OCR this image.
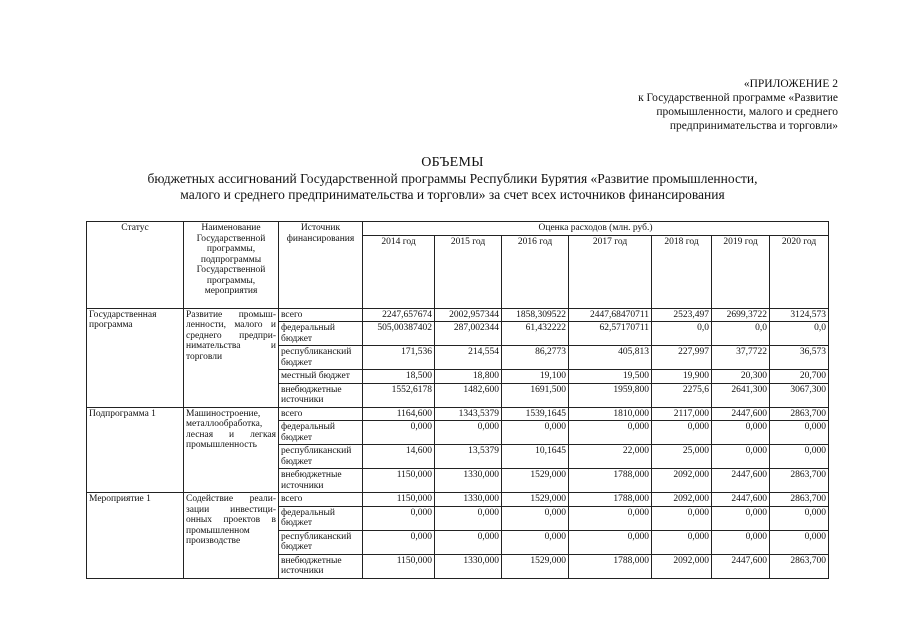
«ПРИЛОЖЕНИЕ 2
к Государственной программе «Развитие
промышленности, малого и среднего
предпринимательства и торговли»
ОБЪЕМЫ
бюджетных ассигнований Государственной программы Республики Бурятия «Развитие промышленности,
малого и среднего предпринимательства и торговли» за счет всех источников финансирования
Статус	Наименование Государственной программы, подпрограммы Государственной программы, мероприятия	Источник финансирования	Оценка расходов (млн. руб.)						
			2014 год	2015 год	2016 год	2017 год	2018 год	2019 год	2020 год
Государственная программа	Развитие промыш-ленности, малого и среднего предпри-нимательства и торговли	всего	2247,657674	2002,957344	1858,309522	2447,68470711	2523,497	2699,3722	3124,573
		федеральный бюджет	505,00387402	287,002344	61,432222	62,57170711	0,0	0,0	0,0
		республиканский бюджет	171,536	214,554	86,2773	405,813	227,997	37,7722	36,573
		местный бюджет	18,500	18,800	19,100	19,500	19,900	20,300	20,700
		внебюджетные источники	1552,6178	1482,600	1691,500	1959,800	2275,6	2641,300	3067,300
Подпрограмма 1	Машиностроение, металлообработка, лесная и легкая промышленность	всего	1164,600	1343,5379	1539,1645	1810,000	2117,000	2447,600	2863,700
		федеральный бюджет	0,000	0,000	0,000	0,000	0,000	0,000	0,000
		республиканский бюджет	14,600	13,5379	10,1645	22,000	25,000	0,000	0,000
		внебюджетные источники	1150,000	1330,000	1529,000	1788,000	2092,000	2447,600	2863,700
Мероприятие 1	Содействие реали-зации инвестици-онных проектов в промышленном производстве	всего	1150,000	1330,000	1529,000	1788,000	2092,000	2447,600	2863,700
		федеральный бюджет	0,000	0,000	0,000	0,000	0,000	0,000	0,000
		республиканский бюджет	0,000	0,000	0,000	0,000	0,000	0,000	0,000
		внебюджетные источники	1150,000	1330,000	1529,000	1788,000	2092,000	2447,600	2863,700
